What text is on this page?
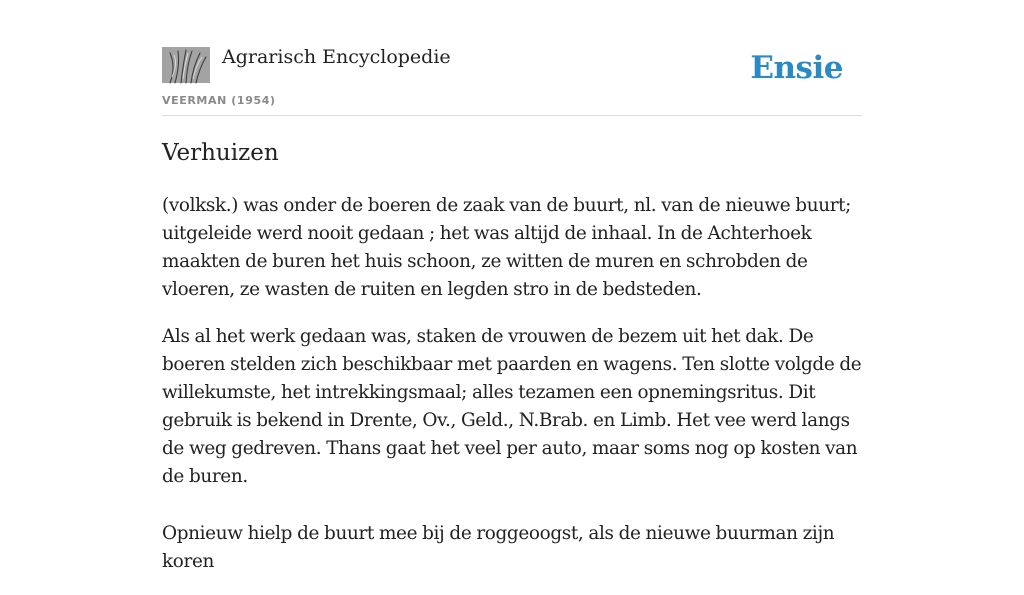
Agrarisch Encyclopedie
VEERMAN (1954)
Ensie
Verhuizen

(volksk.) was onder de boeren de zaak van de buurt, nl. van de nieuwe buurt; uitgeleide werd nooit gedaan ; het was altijd de inhaal. In de Achterhoek maakten de buren het huis schoon, ze witten de muren en schrobden de vloeren, ze wasten de ruiten en legden stro in de bedsteden.

Als al het werk gedaan was, staken de vrouwen de bezem uit het dak. De boeren stelden zich beschikbaar met paarden en wagens. Ten slotte volgde de willekumste, het intrekkingsmaal; alles tezamen een opnemingsritus. Dit gebruik is bekend in Drente, Ov., Geld., N.Brab. en Limb. Het vee werd langs de weg gedreven. Thans gaat het veel per auto, maar soms nog op kosten van de buren.

Opnieuw hielp de buurt mee bij de roggeoogst, als de nieuwe buurman zijn koren
